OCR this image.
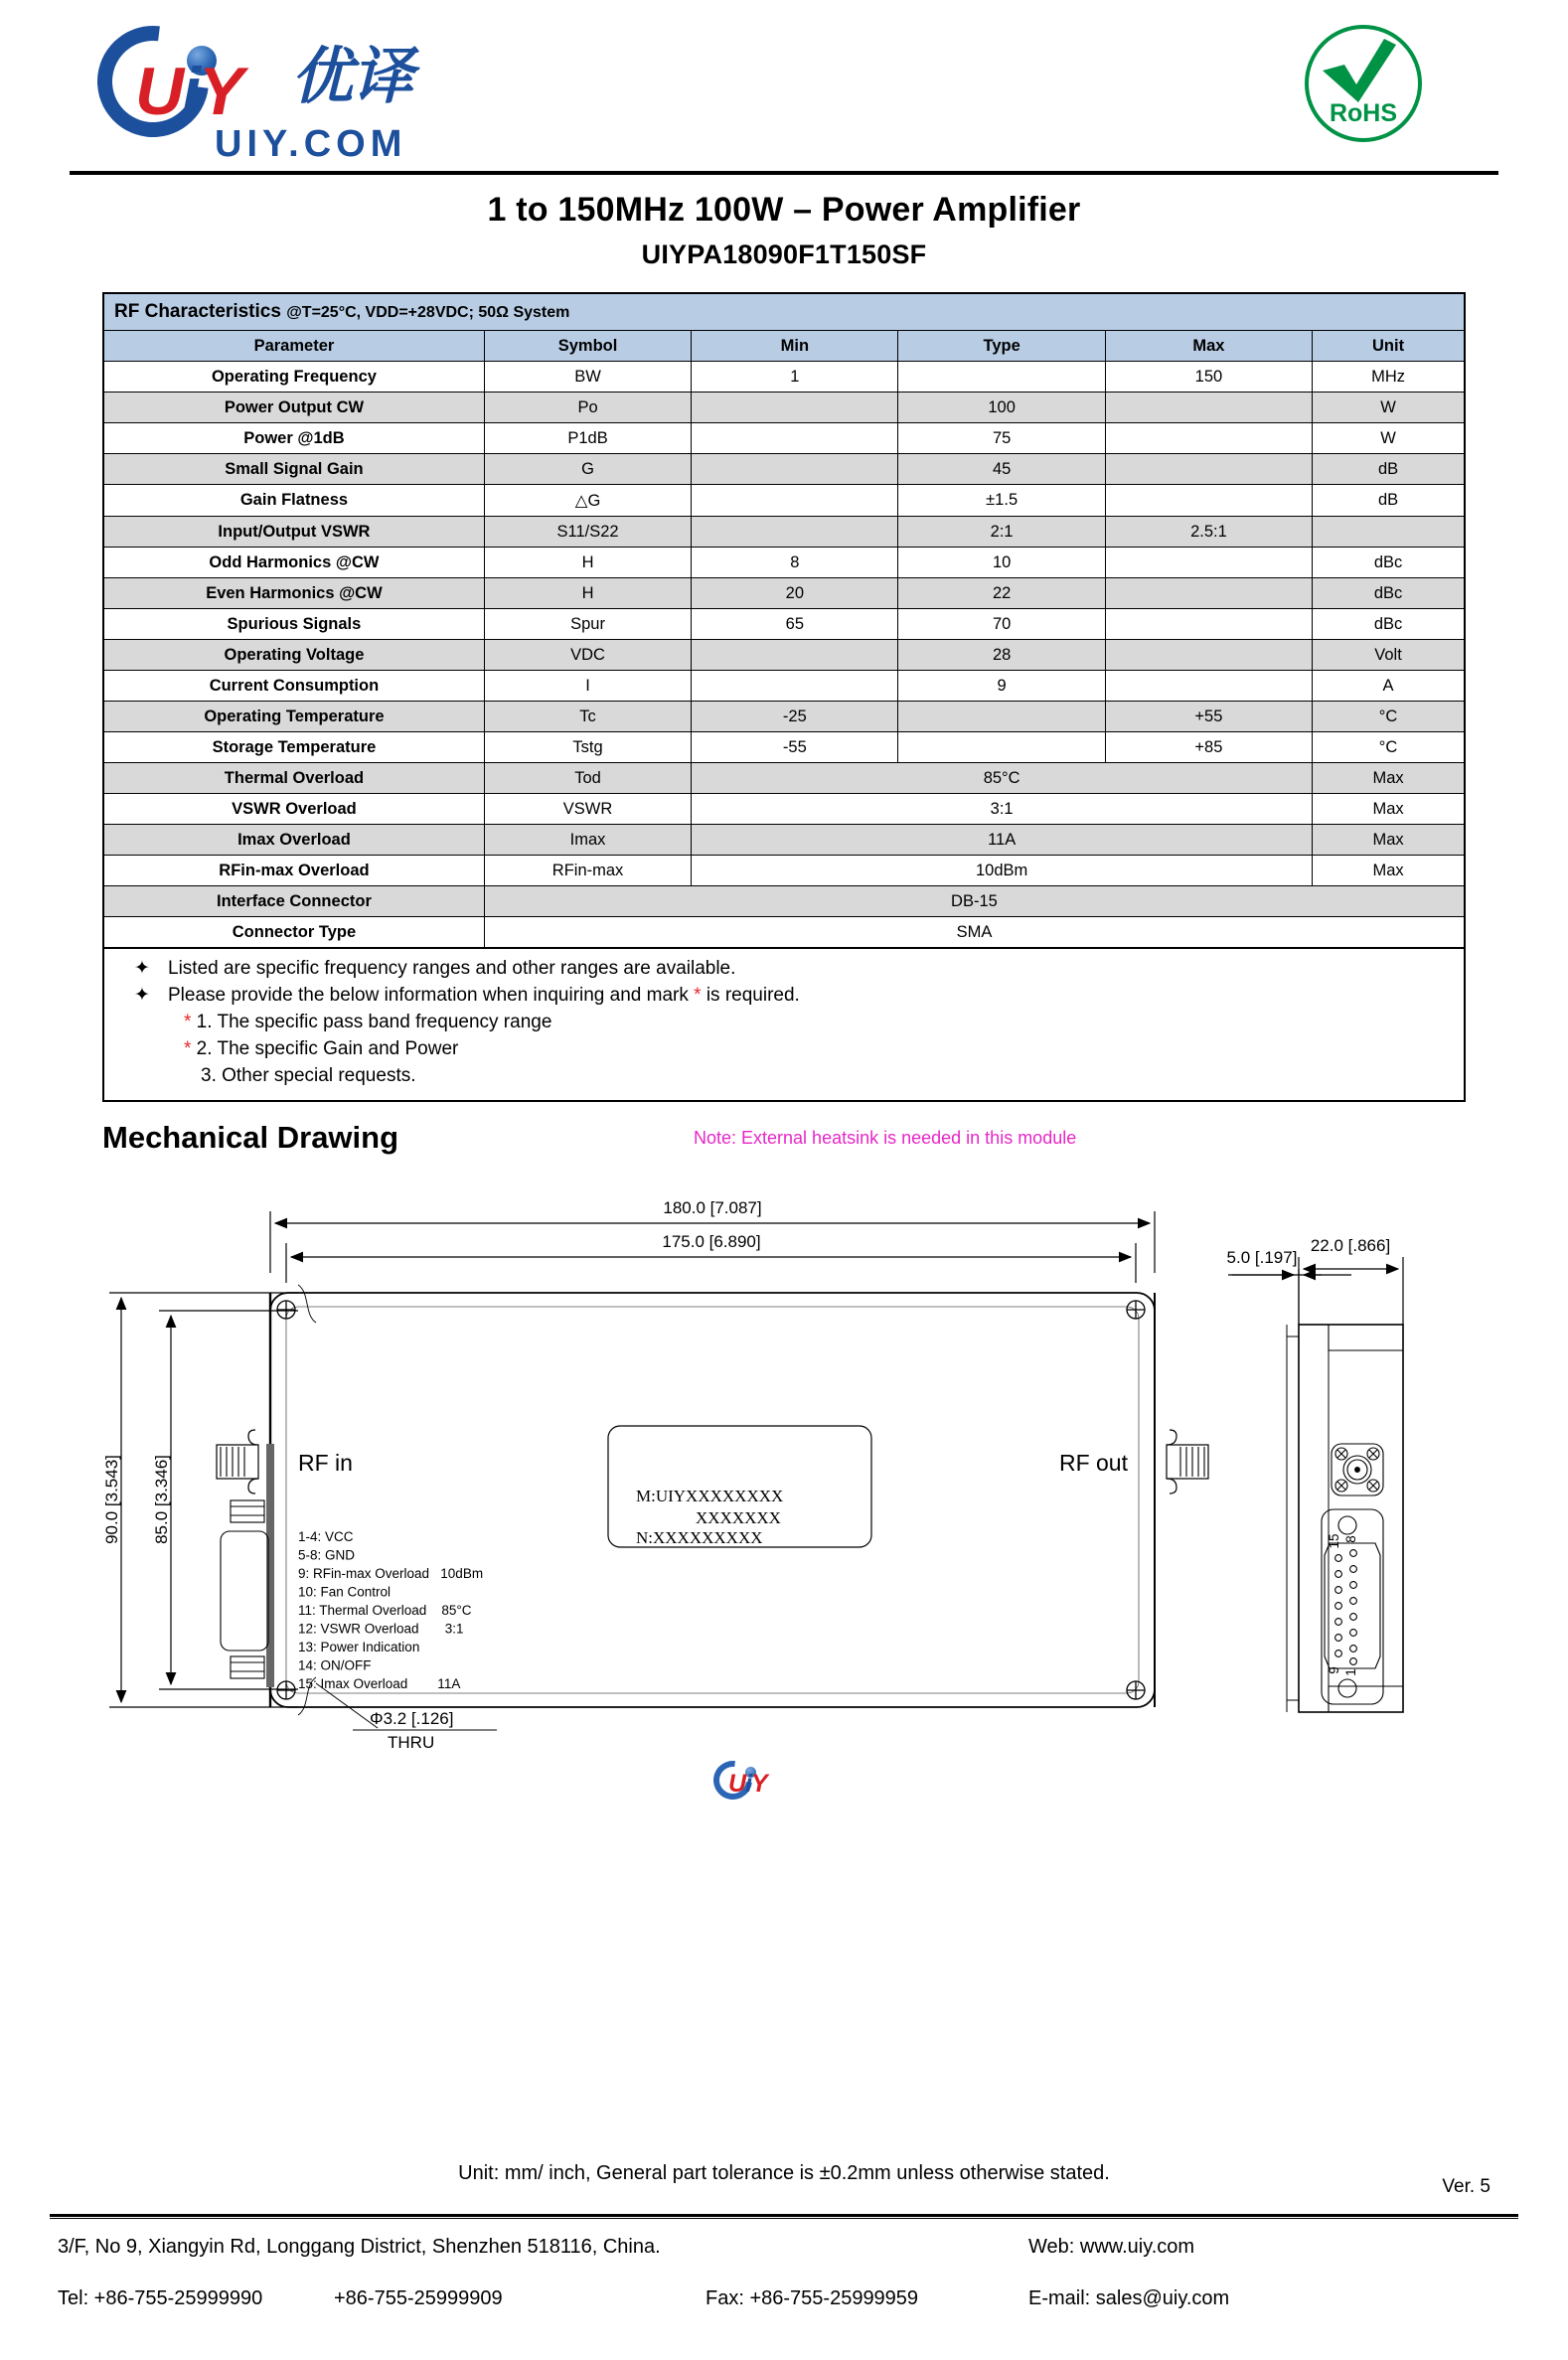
UiY 优译
UIY.COM
RoHS
1 to 150MHz 100W – Power Amplifier
UIYPA18090F1T150SF
RF Characteristics @T=25°C, VDD=+28VDC; 50Ω System					
Parameter	Symbol	Min	Type	Max	Unit
Operating Frequency	BW	1		150	MHz
Power Output CW	Po		100		W
Power @1dB	P1dB		75		W
Small Signal Gain	G		45		dB
Gain Flatness	△G		±1.5		dB
Input/Output VSWR	S11/S22		2:1	2.5:1	
Odd Harmonics @CW	H	8	10		dBc
Even Harmonics @CW	H	20	22		dBc
Spurious Signals	Spur	65	70		dBc
Operating Voltage	VDC		28		Volt
Current Consumption	I		9		A
Operating Temperature	Tc	-25		+55	°C
Storage Temperature	Tstg	-55		+85	°C
Thermal Overload	Tod	85°C			Max
VSWR Overload	VSWR	3:1			Max
Imax Overload	Imax	11A			Max
RFin-max Overload	RFin-max	10dBm			Max
Interface Connector	DB-15				
Connector Type	SMA				
✦ Listed are specific frequency ranges and other ranges are available.
✦ Please provide the below information when inquiring and mark * is required.
* 1. The specific pass band frequency range
* 2. The specific Gain and Power
3. Other special requests.
Mechanical Drawing	Note: External heatsink is needed in this module
180.0 [7.087]
175.0 [6.890]	22.0 [.866]
5.0 [.197]
90.0 [3.543] 85.0 [3.346]	RF in	RF out
Φ3.2 [.126]
THRU
1-4: VCC
5-8: GND
9: RFin-max Overload   10dBm
10: Fan Control
11: Thermal Overload    85°C
12: VSWR Overload       3:1
13: Power Indication
14: ON/OFF
15: Imax Overload        11A
M:UIYXXXXXXXX
XXXXXXX
N:XXXXXXXXX	15 8
9 1
UiY
Unit: mm/ inch, General part tolerance is ±0.2mm unless otherwise stated.
Ver. 5
3/F, No 9, Xiangyin Rd, Longgang District, Shenzhen 518116, China.	Web: www.uiy.com
Tel: +86-755-25999990	+86-755-25999909	Fax: +86-755-25999959	E-mail: sales@uiy.com
